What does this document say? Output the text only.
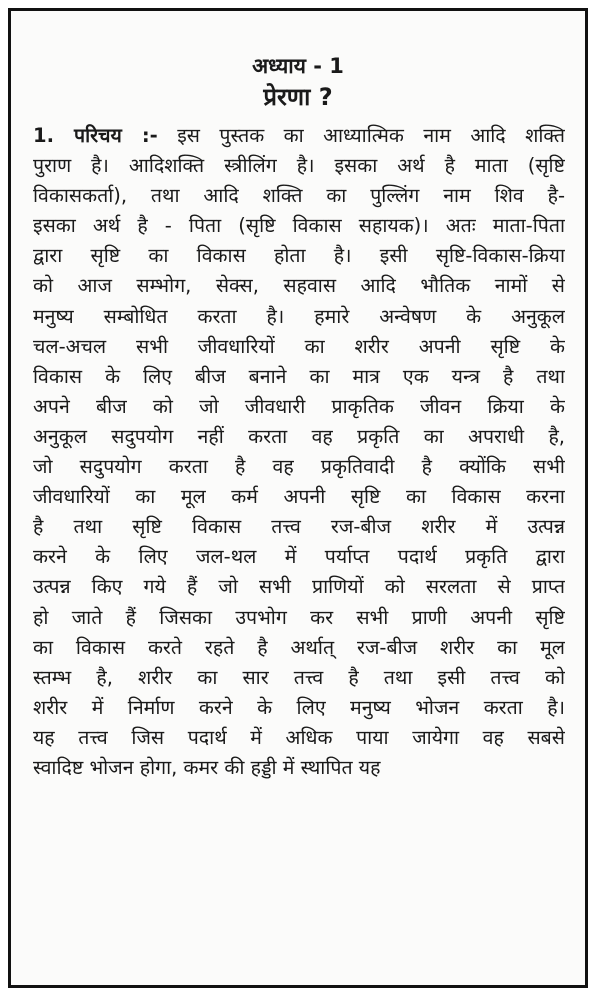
अध्याय - 1
प्रेरणा ?
1. परिचय :- इस पुस्तक का आध्यात्मिक नाम आदि शक्ति
पुराण है। आदिशक्ति स्त्रीलिंग है। इसका अर्थ है माता (सृष्टि
विकासकर्ता), तथा आदि शक्ति का पुल्लिंग नाम शिव है-
इसका अर्थ है - पिता (सृष्टि विकास सहायक)। अतः माता-पिता
द्वारा सृष्टि का विकास होता है। इसी सृष्टि-विकास-क्रिया
को आज सम्भोग, सेक्स, सहवास आदि भौतिक नामों से
मनुष्य सम्बोधित करता है। हमारे अन्वेषण के अनुकूल
चल-अचल सभी जीवधारियों का शरीर अपनी सृष्टि के
विकास के लिए बीज बनाने का मात्र एक यन्त्र है तथा
अपने बीज को जो जीवधारी प्राकृतिक जीवन क्रिया के
अनुकूल सदुपयोग नहीं करता वह प्रकृति का अपराधी है,
जो सदुपयोग करता है वह प्रकृतिवादी है क्योंकि सभी
जीवधारियों का मूल कर्म अपनी सृष्टि का विकास करना
है तथा सृष्टि विकास तत्त्व रज-बीज शरीर में उत्पन्न
करने के लिए जल-थल में पर्याप्त पदार्थ प्रकृति द्वारा
उत्पन्न किए गये हैं जो सभी प्राणियों को सरलता से प्राप्त
हो जाते हैं जिसका उपभोग कर सभी प्राणी अपनी सृष्टि
का विकास करते रहते है अर्थात् रज-बीज शरीर का मूल
स्तम्भ है, शरीर का सार तत्त्व है तथा इसी तत्त्व को
शरीर में निर्माण करने के लिए मनुष्य भोजन करता है।
यह तत्त्व जिस पदार्थ में अधिक पाया जायेगा वह सबसे
स्वादिष्ट भोजन होगा, कमर की हड्डी में स्थापित यह
